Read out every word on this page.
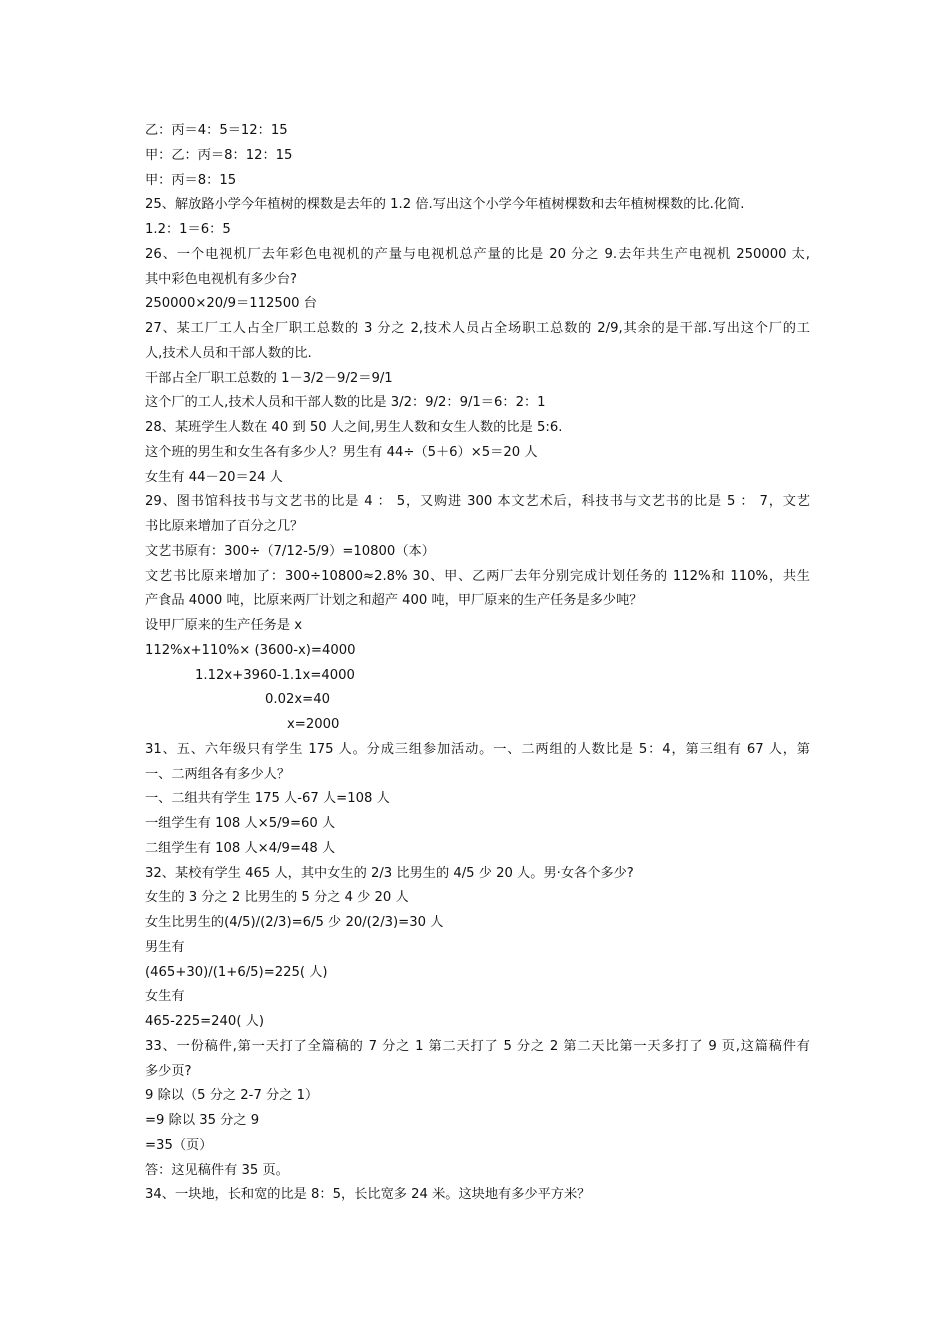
乙：丙＝4：5＝12：15
甲：乙：丙＝8：12：15
甲：丙＝8：15
25、解放路小学今年植树的棵数是去年的 1.2 倍.写出这个小学今年植树棵数和去年植树棵数的比.化简.
1.2：1＝6：5
26、一个电视机厂去年彩色电视机的产量与电视机总产量的比是 20 分之 9.去年共生产电视机 250000 太,
其中彩色电视机有多少台?
250000×20/9＝112500 台
27、某工厂工人占全厂职工总数的 3 分之 2,技术人员占全场职工总数的 2/9,其余的是干部.写出这个厂的工
人,技术人员和干部人数的比.
干部占全厂职工总数的 1－3/2－9/2＝9/1
这个厂的工人,技术人员和干部人数的比是 3/2：9/2：9/1＝6：2：1
28、某班学生人数在 40 到 50 人之间,男生人数和女生人数的比是 5:6.
这个班的男生和女生各有多少人？男生有 44÷（5＋6）×5＝20 人
女生有 44－20＝24 人
29、图书馆科技书与文艺书的比是 4 ： 5，又购进 300 本文艺术后，科技书与文艺书的比是 5 ： 7，文艺
书比原来增加了百分之几？
文艺书原有：300÷（7/12-5/9）=10800（本）
文艺书比原来增加了：300÷10800≈2.8% 30、甲、乙两厂去年分别完成计划任务的 112%和 110%，共生
产食品 4000 吨，比原来两厂计划之和超产 400 吨，甲厂原来的生产任务是多少吨？
设甲厂原来的生产任务是 x
112%x+110%× (3600-x)=4000
1.12x+3960-1.1x=4000
0.02x=40
x=2000
31、五、六年级只有学生 175 人。分成三组参加活动。一、二两组的人数比是 5：4，第三组有 67 人，第
一、二两组各有多少人？
一、二组共有学生 175 人-67 人=108 人
一组学生有 108 人×5/9=60 人
二组学生有 108 人×4/9=48 人
32、某校有学生 465 人，其中女生的 2/3 比男生的 4/5 少 20 人。男·女各个多少?
女生的 3 分之 2 比男生的 5 分之 4 少 20 人
女生比男生的(4/5)/(2/3)=6/5 少 20/(2/3)=30 人
男生有
(465+30)/(1+6/5)=225( 人)
女生有
465-225=240( 人)
33、一份稿件,第一天打了全篇稿的 7 分之 1 第二天打了 5 分之 2 第二天比第一天多打了 9 页,这篇稿件有
多少页?
9 除以（5 分之 2-7 分之 1）
=9 除以 35 分之 9
=35（页）
答：这见稿件有 35 页。
34、一块地，长和宽的比是 8：5，长比宽多 24 米。这块地有多少平方米？
